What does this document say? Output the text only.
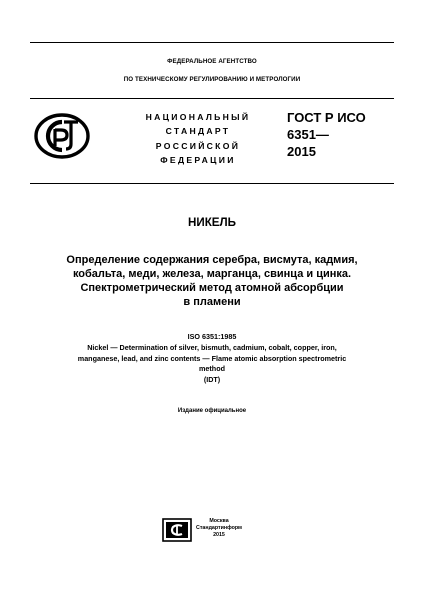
ФЕДЕРАЛЬНОЕ АГЕНТСТВО
ПО ТЕХНИЧЕСКОМУ РЕГУЛИРОВАНИЮ И МЕТРОЛОГИИ
НАЦИОНАЛЬНЫЙ
СТАНДАРТ
РОССИЙСКОЙ
ФЕДЕРАЦИИ
ГОСТ Р ИСО
6351—
2015
НИКЕЛЬ
Определение содержания серебра, висмута, кадмия,
кобальта, меди, железа, марганца, свинца и цинка.
Спектрометрический метод атомной абсорбции
в пламени
ISO 6351:1985
Nickel — Determination of silver, bismuth, cadmium, cobalt, copper, iron,
manganese, lead, and zinc contents — Flame atomic absorption spectrometric
method
(IDT)
Издание официальное
Москва
Стандартинформ
2015
